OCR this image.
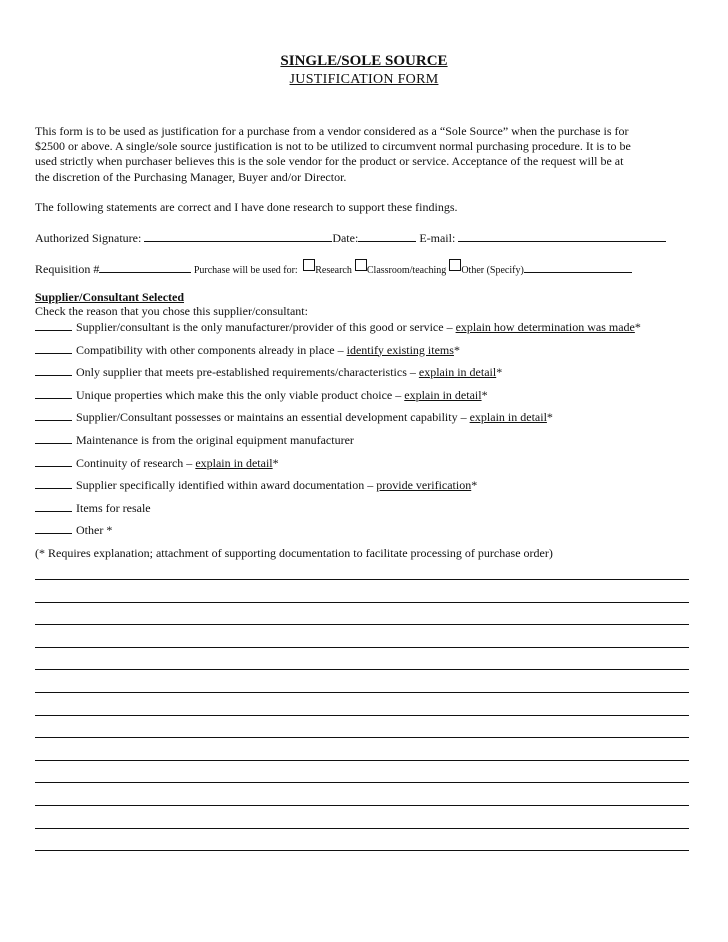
SINGLE/SOLE SOURCE
JUSTIFICATION FORM
This form is to be used as justification for a purchase from a vendor considered as a “Sole Source” when the purchase is for
$2500 or above. A single/sole source justification is not to be utilized to circumvent normal purchasing procedure. It is to be
used strictly when purchaser believes this is the sole vendor for the product or service. Acceptance of the request will be at
the discretion of the Purchasing Manager, Buyer and/or Director.
The following statements are correct and I have done research to support these findings.
Authorized Signature:	Date:	E-mail:
Requisition #	Purchase will be used for: Research Classroom/teaching Other (Specify)
Supplier/Consultant Selected
Check the reason that you chose this supplier/consultant:
Supplier/consultant is the only manufacturer/provider of this good or service – explain how determination was made*
Compatibility with other components already in place – identify existing items*
Only supplier that meets pre-established requirements/characteristics – explain in detail*
Unique properties which make this the only viable product choice – explain in detail*
Supplier/Consultant possesses or maintains an essential development capability – explain in detail*
Maintenance is from the original equipment manufacturer
Continuity of research – explain in detail*
Supplier specifically identified within award documentation – provide verification*
Items for resale
Other *
(* Requires explanation; attachment of supporting documentation to facilitate processing of purchase order)
